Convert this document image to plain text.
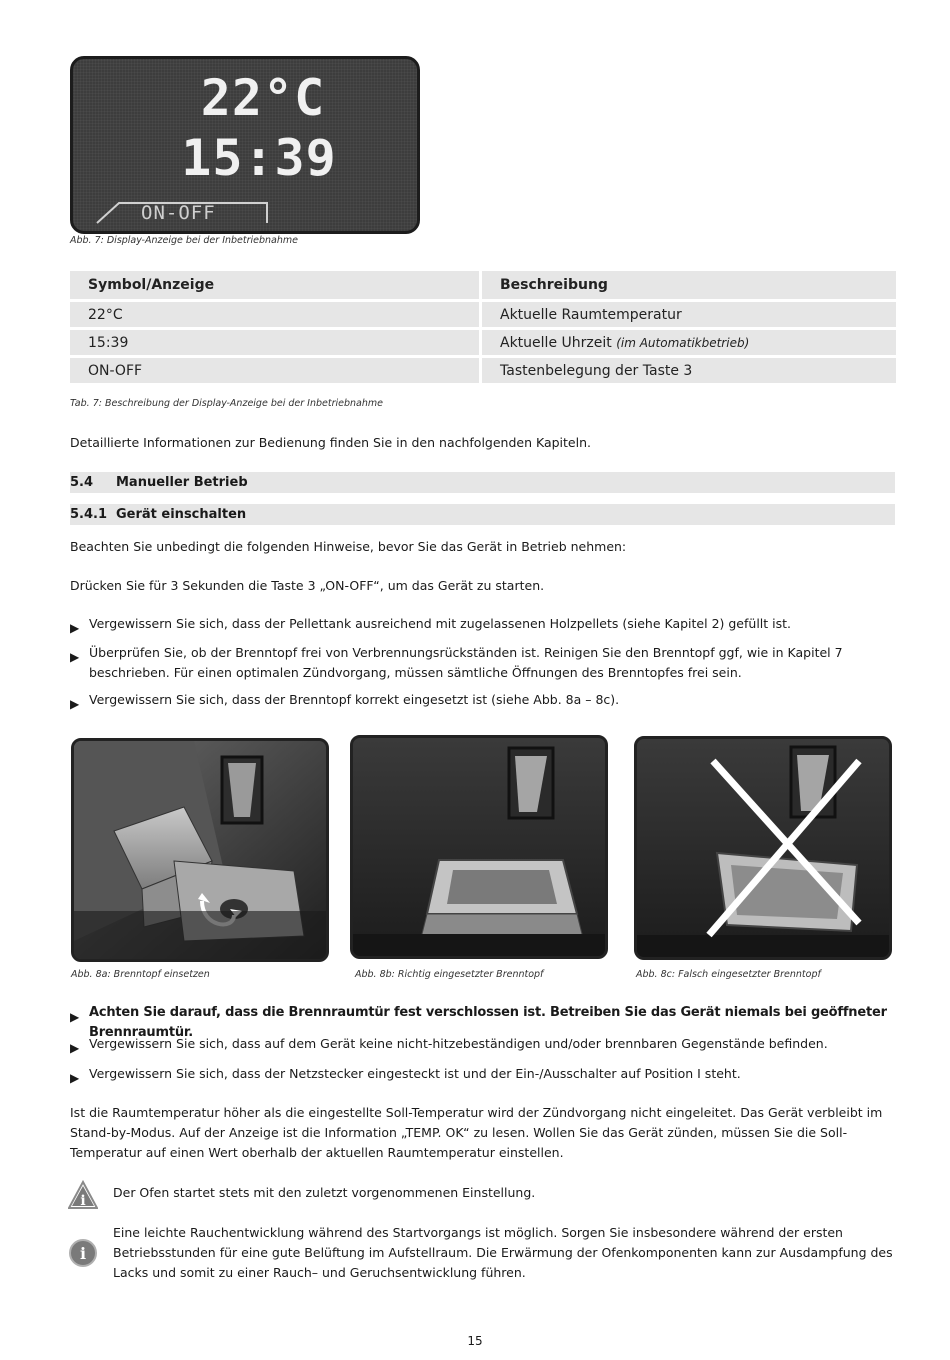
22°C
15:39
ON-OFF
Abb. 7: Display-Anzeige bei der Inbetriebnahme
Symbol/Anzeige	Beschreibung
22°C	Aktuelle Raumtemperatur
15:39	Aktuelle Uhrzeit (im Automatikbetrieb)
ON-OFF	Tastenbelegung der Taste 3
Tab. 7: Beschreibung der Display-Anzeige bei der Inbetriebnahme
Detaillierte Informationen zur Bedienung finden Sie in den nachfolgenden Kapiteln.
5.4 Manueller Betrieb
5.4.1 Gerät einschalten
Beachten Sie unbedingt die folgenden Hinweise, bevor Sie das Gerät in Betrieb nehmen:
Drücken Sie für 3 Sekunden die Taste 3 „ON-OFF“, um das Gerät zu starten.
▶ Vergewissern Sie sich, dass der Pellettank ausreichend mit zugelassenen Holzpellets (siehe Kapitel 2) gefüllt ist.
▶ Überprüfen Sie, ob der Brenntopf frei von Verbrennungsrückständen ist. Reinigen Sie den Brenntopf ggf, wie in Kapitel 7 beschrieben. Für einen optimalen Zündvorgang, müssen sämtliche Öffnungen des Brenntopfes frei sein.
▶ Vergewissern Sie sich, dass der Brenntopf korrekt eingesetzt ist (siehe Abb. 8a – 8c).
Abb. 8a: Brenntopf einsetzen	Abb. 8b: Richtig eingesetzter Brenntopf	Abb. 8c: Falsch eingesetzter Brenntopf
▶ Achten Sie darauf, dass die Brennraumtür fest verschlossen ist. Betreiben Sie das Gerät niemals bei geöffneter Brennraumtür.
▶ Vergewissern Sie sich, dass auf dem Gerät keine nicht-hitzebeständigen und/oder brennbaren Gegenstände befinden.
▶ Vergewissern Sie sich, dass der Netzstecker eingesteckt ist und der Ein-/Ausschalter auf Position I steht.
Ist die Raumtemperatur höher als die eingestellte Soll-Temperatur wird der Zündvorgang nicht eingeleitet. Das Gerät verbleibt im Stand-by-Modus. Auf der Anzeige ist die Information „TEMP. OK“ zu lesen. Wollen Sie das Gerät zünden, müssen Sie die Soll-Temperatur auf einen Wert oberhalb der aktuellen Raumtemperatur einstellen.
i
Der Ofen startet stets mit den zuletzt vorgenommenen Einstellung.
i
Eine leichte Rauchentwicklung während des Startvorgangs ist möglich. Sorgen Sie insbesondere während der ersten Betriebsstunden für eine gute Belüftung im Aufstellraum. Die Erwärmung der Ofenkomponenten kann zur Ausdampfung des Lacks und somit zu einer Rauch– und Geruchsentwicklung führen.
15
